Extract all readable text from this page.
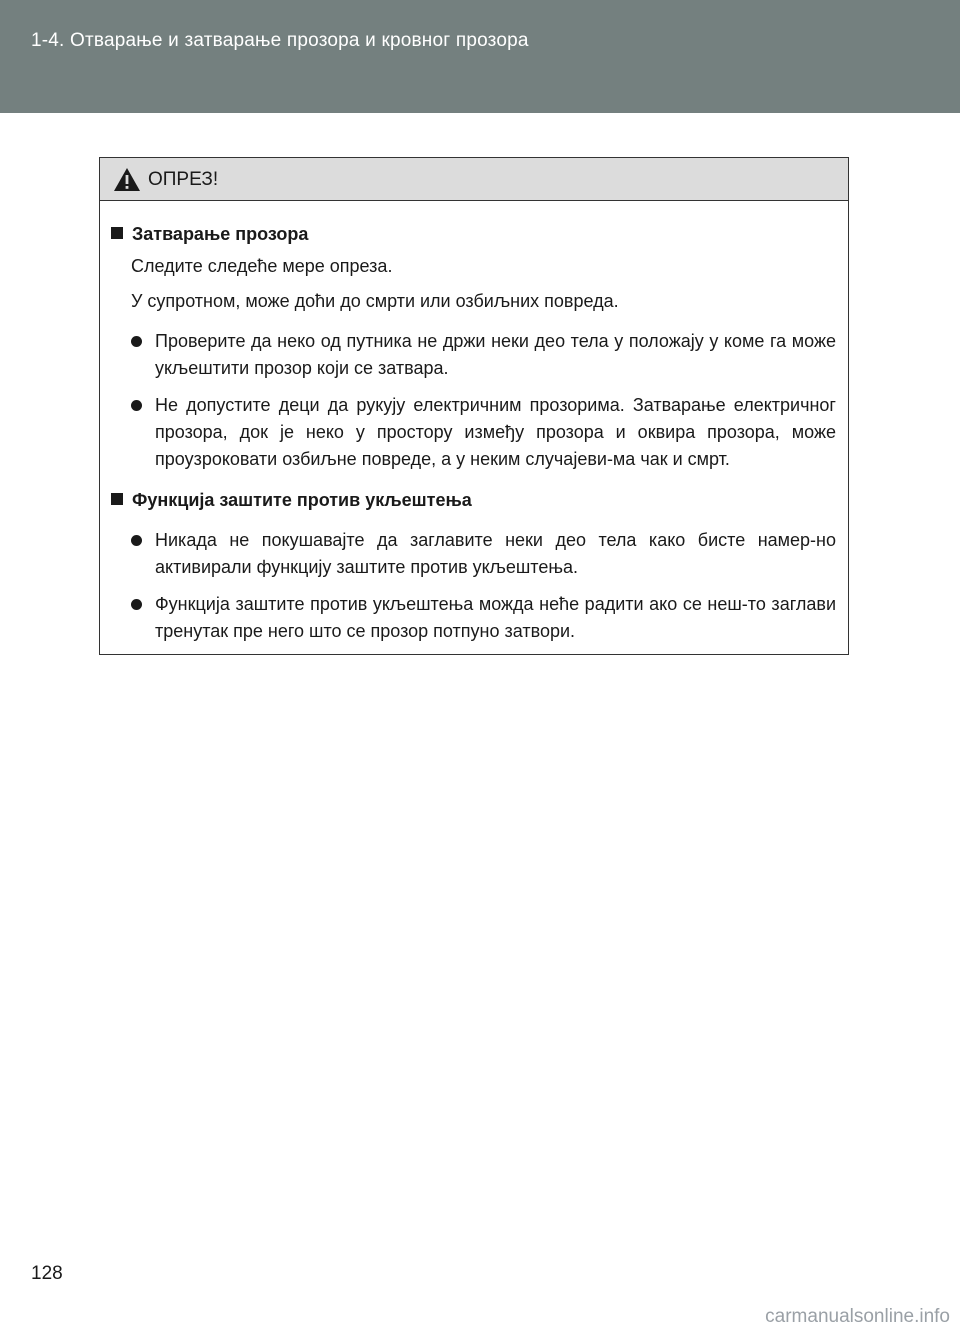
1-4. Отварање и затварање прозора и кровног прозора
ОПРЕЗ!
Затварање прозора
Следите следеће мере опреза.
У супротном, може доћи до смрти или озбиљних повреда.
Проверите да неко од путника не држи неки део тела у положају у коме га може укљештити прозор који се затвара.
Не допустите деци да рукују електричним прозорима. Затварање електричног прозора, док је неко у простору између прозора и оквира прозора, може проузроковати озбиљне повреде, а у неким случајеви-ма чак и смрт.
Функција заштите против укљештења
Никада не покушавајте да заглавите неки део тела како бисте намер-но активирали функцију заштите против укљештења.
Функција заштите против укљештења можда неће радити ако се неш-то заглави тренутак пре него што се прозор потпуно затвори.
128
carmanualsonline.info
